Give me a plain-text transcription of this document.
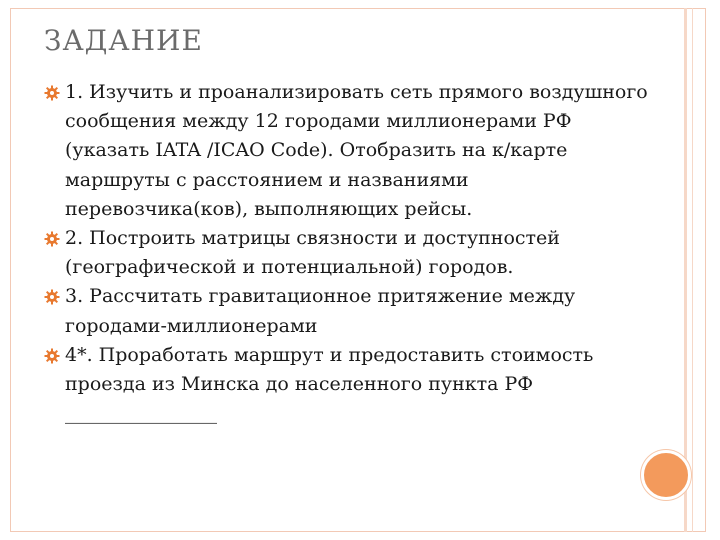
ЗАДАНИЕ
1. Изучить и проанализировать сеть прямого воздушного сообщения между 12 городами миллионерами РФ (указать IATA /ICAO Code). Отобразить на к/карте маршруты с расстоянием и названиями перевозчика(ков), выполняющих рейсы.
2. Построить матрицы связности и доступностей (географической и потенциальной) городов.
3. Рассчитать гравитационное притяжение между городами-миллионерами
4*. Проработать маршрут и предоставить стоимость проезда из Минска до населенного пункта РФ ________________
